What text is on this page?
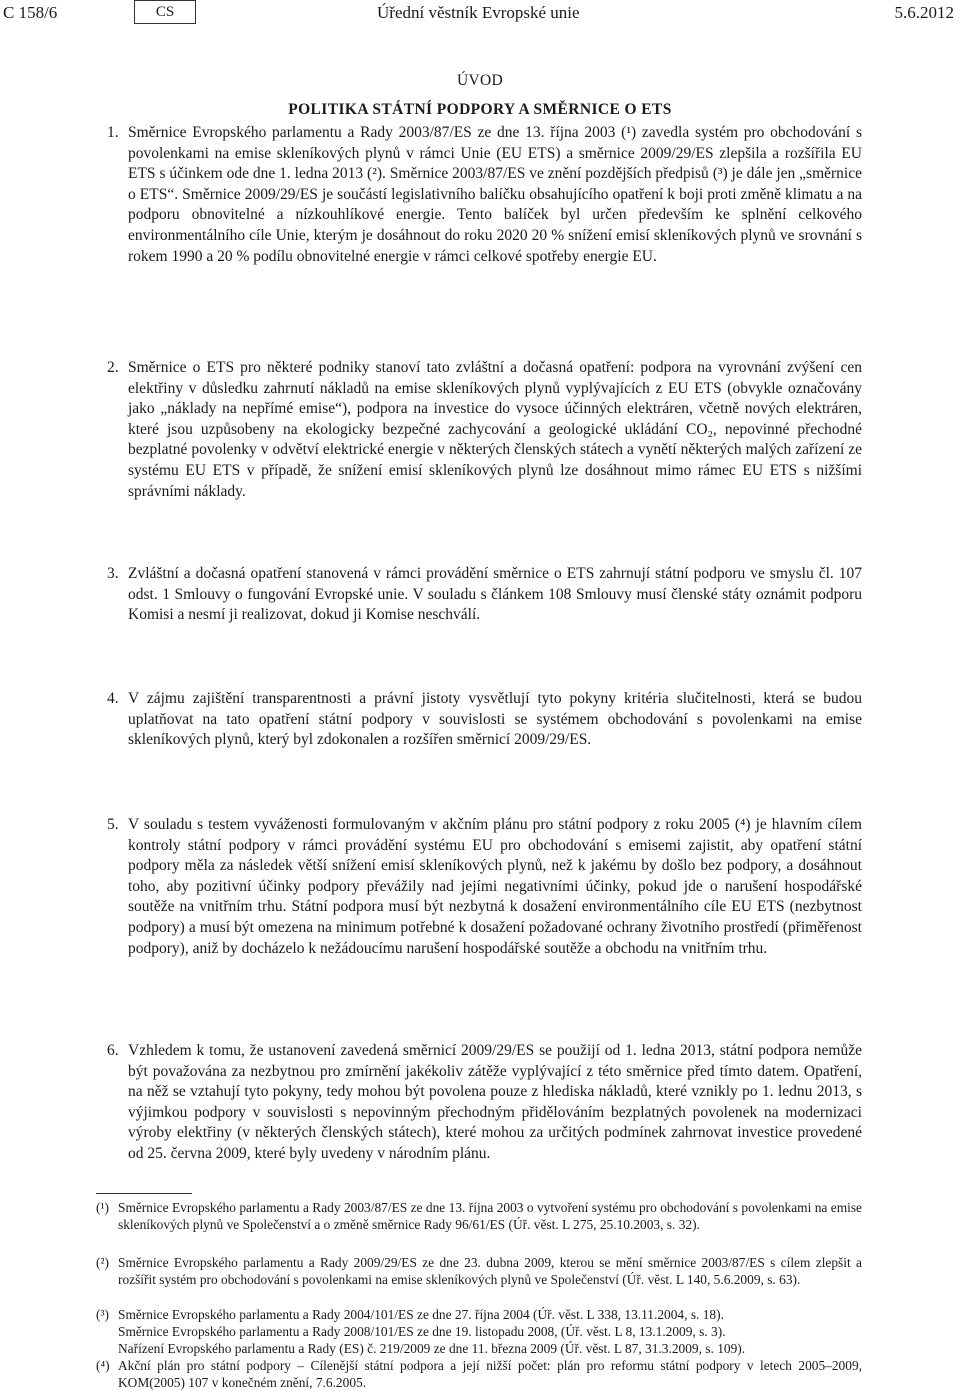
C 158/6	CS	Úřední věstník Evropské unie	5.6.2012
ÚVOD
POLITIKA STÁTNÍ PODPORY A SMĚRNICE O ETS
1. Směrnice Evropského parlamentu a Rady 2003/87/ES ze dne 13. října 2003 (¹) zavedla systém pro obchodování s povolenkami na emise skleníkových plynů v rámci Unie (EU ETS) a směrnice 2009/29/ES zlepšila a rozšířila EU ETS s účinkem ode dne 1. ledna 2013 (²). Směrnice 2003/87/ES ve znění pozdějších předpisů (³) je dále jen „směrnice o ETS“. Směrnice 2009/29/ES je součástí legislativního balíčku obsahujícího opatření k boji proti změně klimatu a na podporu obnovitelné a nízkouhlíkové energie. Tento balíček byl určen především ke splnění celkového environmentálního cíle Unie, kterým je dosáhnout do roku 2020 20 % snížení emisí skleníkových plynů ve srovnání s rokem 1990 a 20 % podílu obnovitelné energie v rámci celkové spotřeby energie EU.
2. Směrnice o ETS pro některé podniky stanoví tato zvláštní a dočasná opatření: podpora na vyrovnání zvýšení cen elektřiny v důsledku zahrnutí nákladů na emise skleníkových plynů vyplývajících z EU ETS (obvykle označovány jako „náklady na nepřímé emise“), podpora na investice do vysoce účinných elektráren, včetně nových elektráren, které jsou uzpůsobeny na ekologicky bezpečné zachycování a geologické ukládání CO₂, nepovinné přechodné bezplatné povolenky v odvětví elektrické energie v některých členských státech a vynětí některých malých zařízení ze systému EU ETS v případě, že snížení emisí skleníkových plynů lze dosáhnout mimo rámec EU ETS s nižšími správními náklady.
3. Zvláštní a dočasná opatření stanovená v rámci provádění směrnice o ETS zahrnují státní podporu ve smyslu čl. 107 odst. 1 Smlouvy o fungování Evropské unie. V souladu s článkem 108 Smlouvy musí členské státy oznámit podporu Komisi a nesmí ji realizovat, dokud ji Komise neschválí.
4. V zájmu zajištění transparentnosti a právní jistoty vysvětlují tyto pokyny kritéria slučitelnosti, která se budou uplatňovat na tato opatření státní podpory v souvislosti se systémem obchodování s povolenkami na emise skleníkových plynů, který byl zdokonalen a rozšířen směrnicí 2009/29/ES.
5. V souladu s testem vyváženosti formulovaným v akčním plánu pro státní podpory z roku 2005 (⁴) je hlavním cílem kontroly státní podpory v rámci provádění systému EU pro obchodování s emisemi zajistit, aby opatření státní podpory měla za následek větší snížení emisí skleníkových plynů, než k jakému by došlo bez podpory, a dosáhnout toho, aby pozitivní účinky podpory převážily nad jejími negativními účinky, pokud jde o narušení hospodářské soutěže na vnitřním trhu. Státní podpora musí být nezbytná k dosažení environmentálního cíle EU ETS (nezbytnost podpory) a musí být omezena na minimum potřebné k dosažení požadované ochrany životního prostředí (přiměřenost podpory), aniž by docházelo k nežádoucímu narušení hospodářské soutěže a obchodu na vnitřním trhu.
6. Vzhledem k tomu, že ustanovení zavedená směrnicí 2009/29/ES se použijí od 1. ledna 2013, státní podpora nemůže být považována za nezbytnou pro zmírnění jakékoliv zátěže vyplývající z této směrnice před tímto datem. Opatření, na něž se vztahují tyto pokyny, tedy mohou být povolena pouze z hlediska nákladů, které vznikly po 1. lednu 2013, s výjimkou podpory v souvislosti s nepovinným přechodným přidělováním bezplatných povolenek na modernizaci výroby elektřiny (v některých členských státech), které mohou za určitých podmínek zahrnovat investice provedené od 25. června 2009, které byly uvedeny v národním plánu.
(¹) Směrnice Evropského parlamentu a Rady 2003/87/ES ze dne 13. října 2003 o vytvoření systému pro obchodování s povolenkami na emise skleníkových plynů ve Společenství a o změně směrnice Rady 96/61/ES (Úř. věst. L 275, 25.10.2003, s. 32).
(²) Směrnice Evropského parlamentu a Rady 2009/29/ES ze dne 23. dubna 2009, kterou se mění směrnice 2003/87/ES s cílem zlepšit a rozšířit systém pro obchodování s povolenkami na emise skleníkových plynů ve Společenství (Úř. věst. L 140, 5.6.2009, s. 63).
(³) Směrnice Evropského parlamentu a Rady 2004/101/ES ze dne 27. října 2004 (Úř. věst. L 338, 13.11.2004, s. 18).
Směrnice Evropského parlamentu a Rady 2008/101/ES ze dne 19. listopadu 2008, (Úř. věst. L 8, 13.1.2009, s. 3).
Nařízení Evropského parlamentu a Rady (ES) č. 219/2009 ze dne 11. března 2009 (Úř. věst. L 87, 31.3.2009, s. 109).
(⁴) Akční plán pro státní podpory – Cílenější státní podpora a její nižší počet: plán pro reformu státní podpory v letech 2005–2009, KOM(2005) 107 v konečném znění, 7.6.2005.
